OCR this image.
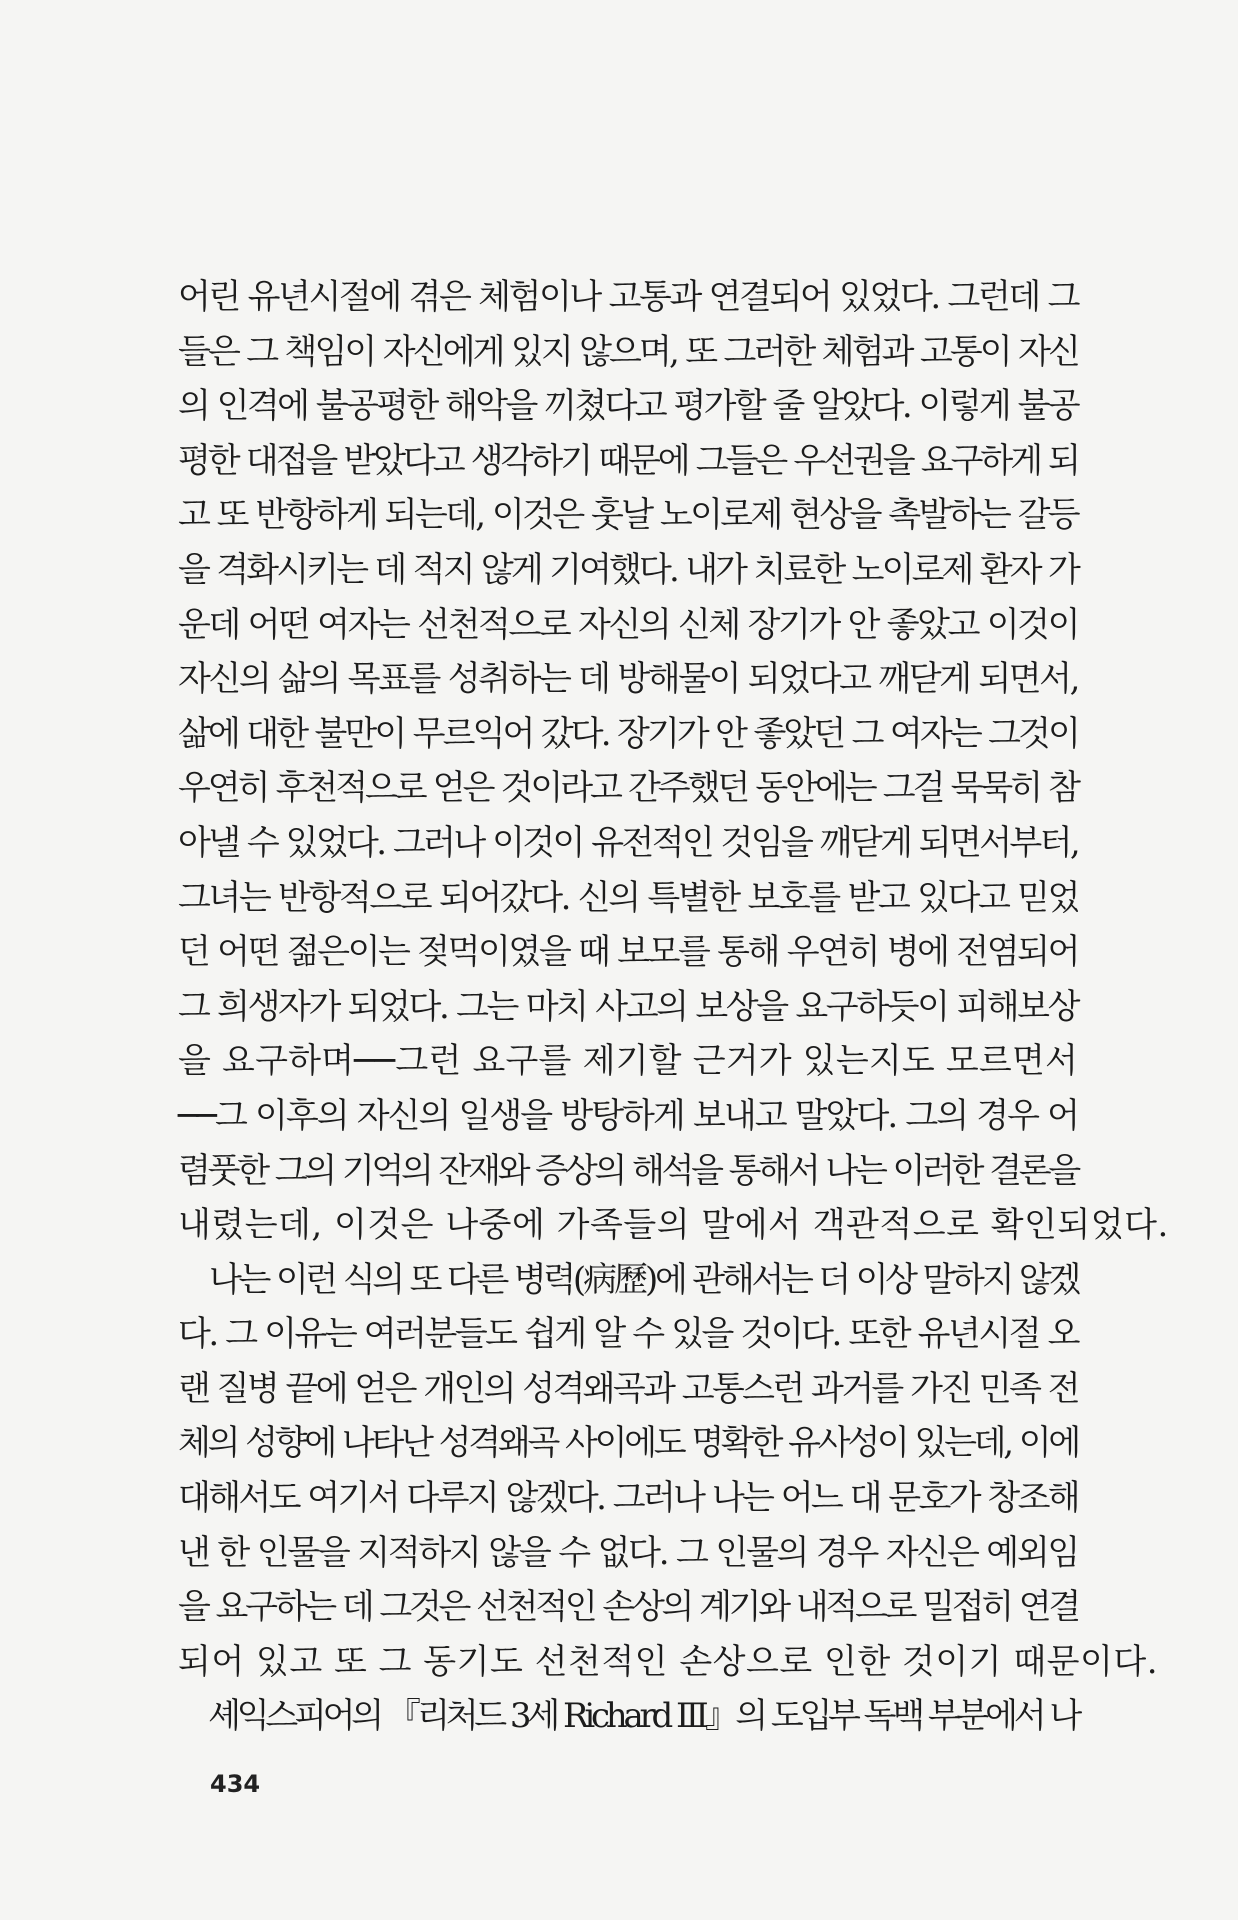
어린 유년시절에 겪은 체험이나 고통과 연결되어 있었다. 그런데 그
들은 그 책임이 자신에게 있지 않으며, 또 그러한 체험과 고통이 자신
의 인격에 불공평한 해악을 끼쳤다고 평가할 줄 알았다. 이렇게 불공
평한 대접을 받았다고 생각하기 때문에 그들은 우선권을 요구하게 되
고 또 반항하게 되는데, 이것은 훗날 노이로제 현상을 촉발하는 갈등
을 격화시키는 데 적지 않게 기여했다. 내가 치료한 노이로제 환자 가
운데 어떤 여자는 선천적으로 자신의 신체 장기가 안 좋았고 이것이
자신의 삶의 목표를 성취하는 데 방해물이 되었다고 깨닫게 되면서,
삶에 대한 불만이 무르익어 갔다. 장기가 안 좋았던 그 여자는 그것이
우연히 후천적으로 얻은 것이라고 간주했던 동안에는 그걸 묵묵히 참
아낼 수 있었다. 그러나 이것이 유전적인 것임을 깨닫게 되면서부터,
그녀는 반항적으로 되어갔다. 신의 특별한 보호를 받고 있다고 믿었
던 어떤 젊은이는 젖먹이였을 때 보모를 통해 우연히 병에 전염되어
그 희생자가 되었다. 그는 마치 사고의 보상을 요구하듯이 피해보상
을 요구하며──그런 요구를 제기할 근거가 있는지도 모르면서
──그 이후의 자신의 일생을 방탕하게 보내고 말았다. 그의 경우 어
렴풋한 그의 기억의 잔재와 증상의 해석을 통해서 나는 이러한 결론을
내렸는데, 이것은 나중에 가족들의 말에서 객관적으로 확인되었다.
　나는 이런 식의 또 다른 병력(病歷)에 관해서는 더 이상 말하지 않겠
다. 그 이유는 여러분들도 쉽게 알 수 있을 것이다. 또한 유년시절 오
랜 질병 끝에 얻은 개인의 성격왜곡과 고통스런 과거를 가진 민족 전
체의 성향에 나타난 성격왜곡 사이에도 명확한 유사성이 있는데, 이에
대해서도 여기서 다루지 않겠다. 그러나 나는 어느 대 문호가 창조해
낸 한 인물을 지적하지 않을 수 없다. 그 인물의 경우 자신은 예외임
을 요구하는 데 그것은 선천적인 손상의 계기와 내적으로 밀접히 연결
되어 있고 또 그 동기도 선천적인 손상으로 인한 것이기 때문이다.
　셰익스피어의 『리처드 3세 Richard Ⅲ』의 도입부 독백 부분에서 나
434
